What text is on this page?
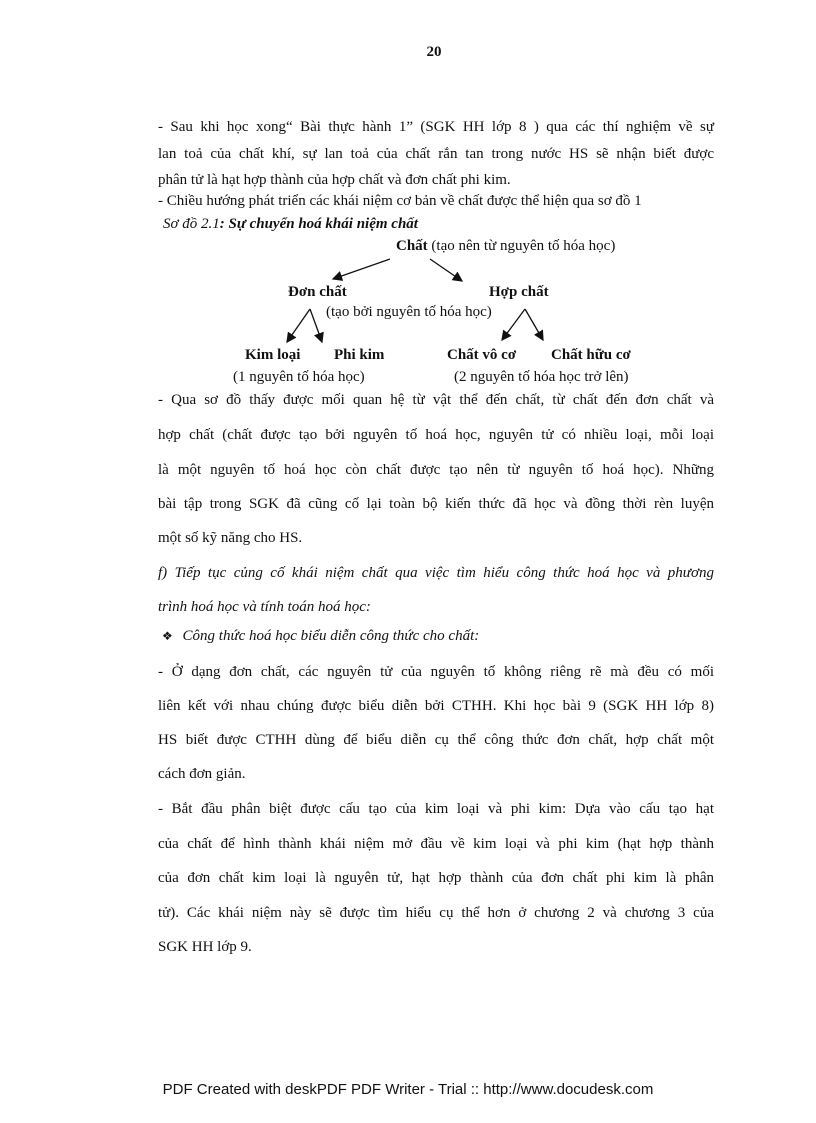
20
- Sau khi học xong“ Bài thực hành 1” (SGK HH lớp 8 ) qua các thí nghiệm về sự
lan toả của chất khí, sự lan toả của chất rắn tan trong nước HS sẽ nhận biết được
phân tử là hạt hợp thành của hợp chất và đơn chất phi kim.
- Chiều hướng phát triển các khái niệm cơ bản về chất được thể hiện qua sơ đồ 1
Sơ đồ 2.1: Sự chuyển hoá khái niệm chất
Chất (tạo nên từ nguyên tố hóa học)
Đơn chất	Hợp chất
(tạo bởi nguyên tố hóa học)
Kim loại Phi kim	Chất vô cơ Chất hữu cơ
(1 nguyên tố hóa học)	(2 nguyên tố hóa học trở lên)
- Qua sơ đồ thấy được mối quan hệ từ vật thể đến chất, từ chất đến đơn chất và
hợp chất (chất được tạo bởi nguyên tố hoá học, nguyên tử có nhiều loại, mỗi loại
là một nguyên tố hoá học còn chất được tạo nên từ nguyên tố hoá học). Những
bài tập trong SGK đã cũng cố lại toàn bộ kiến thức đã học và đồng thời rèn luyện
một số kỹ năng cho HS.
f) Tiếp tục củng cố khái niệm chất qua việc tìm hiểu công thức hoá học và phương
trình hoá học và tính toán hoá học:
❖ Công thức hoá học biểu diễn công thức cho chất:
- Ở dạng đơn chất, các nguyên tử của nguyên tố không riêng rẽ mà đều có mối
liên kết với nhau chúng được biểu diễn bởi CTHH. Khi học bài 9 (SGK HH lớp 8)
HS biết được CTHH dùng để biểu diễn cụ thể công thức đơn chất, hợp chất một
cách đơn giản.
- Bắt đầu phân biệt được cấu tạo của kim loại và phi kim: Dựa vào cấu tạo hạt
của chất để hình thành khái niệm mở đầu về kim loại và phi kim (hạt hợp thành
của đơn chất kim loại là nguyên tử, hạt hợp thành của đơn chất phi kim là phân
tử). Các khái niệm này sẽ được tìm hiểu cụ thể hơn ở chương 2 và chương 3 của
SGK HH lớp 9.
PDF Created with deskPDF PDF Writer - Trial :: http://www.docudesk.com
